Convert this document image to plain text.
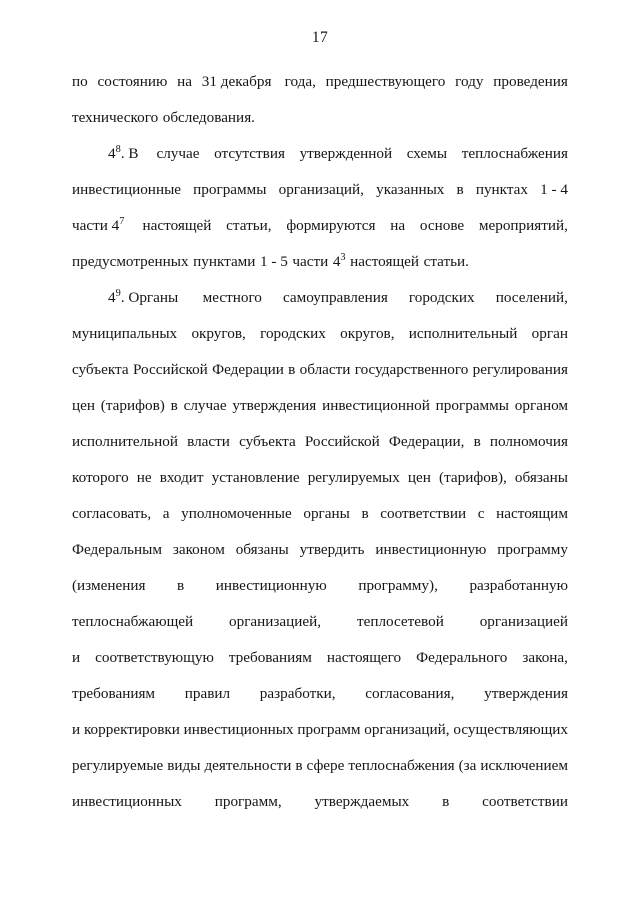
17
по состоянию на 31 декабря года, предшествующего году проведения
технического обследования.
$4^8$. В случае отсутствия утвержденной схемы теплоснабжения
инвестиционные программы организаций, указанных в пунктах 1 - 4
части $4^7$ настоящей статьи, формируются на основе мероприятий,
предусмотренных пунктами 1 - 5 части $4^3$ настоящей статьи.
$4^9$. Органы местного самоуправления городских поселений,
муниципальных округов, городских округов, исполнительный орган
субъекта Российской Федерации в области государственного регулирования
цен (тарифов) в случае утверждения инвестиционной программы органом
исполнительной власти субъекта Российской Федерации, в полномочия
которого не входит установление регулируемых цен (тарифов), обязаны
согласовать, а уполномоченные органы в соответствии с настоящим
Федеральным законом обязаны утвердить инвестиционную программу
(изменения в инвестиционную программу), разработанную
теплоснабжающей организацией, теплосетевой организацией
и соответствующую требованиям настоящего Федерального закона,
требованиям правил разработки, согласования, утверждения
и корректировки инвестиционных программ организаций, осуществляющих
регулируемые виды деятельности в сфере теплоснабжения (за исключением
инвестиционных программ, утверждаемых в соответствии
